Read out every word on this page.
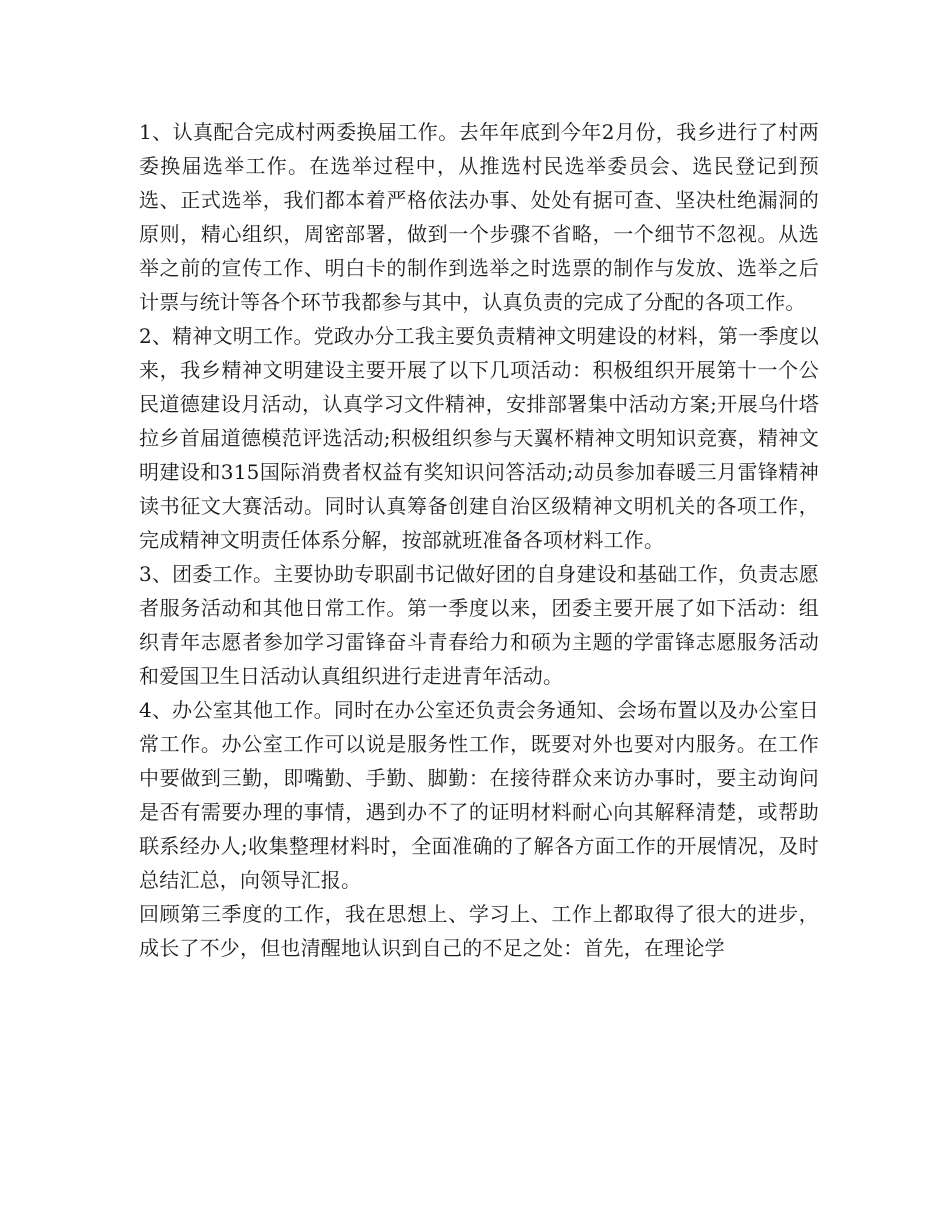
1、认真配合完成村两委换届工作。去年年底到今年2月份，我乡进行了村两委换届选举工作。在选举过程中，从推选村民选举委员会、选民登记到预选、正式选举，我们都本着严格依法办事、处处有据可查、坚决杜绝漏洞的原则，精心组织，周密部署，做到一个步骤不省略，一个细节不忽视。从选举之前的宣传工作、明白卡的制作到选举之时选票的制作与发放、选举之后计票与统计等各个环节我都参与其中，认真负责的完成了分配的各项工作。

2、精神文明工作。党政办分工我主要负责精神文明建设的材料，第一季度以来，我乡精神文明建设主要开展了以下几项活动：积极组织开展第十一个公民道德建设月活动，认真学习文件精神，安排部署集中活动方案;开展乌什塔拉乡首届道德模范评选活动;积极组织参与天翼杯精神文明知识竞赛，精神文明建设和315国际消费者权益有奖知识问答活动;动员参加春暖三月雷锋精神读书征文大赛活动。同时认真筹备创建自治区级精神文明机关的各项工作，完成精神文明责任体系分解，按部就班准备各项材料工作。

3、团委工作。主要协助专职副书记做好团的自身建设和基础工作，负责志愿者服务活动和其他日常工作。第一季度以来，团委主要开展了如下活动：组织青年志愿者参加学习雷锋奋斗青春给力和硕为主题的学雷锋志愿服务活动和爱国卫生日活动认真组织进行走进青年活动。

4、办公室其他工作。同时在办公室还负责会务通知、会场布置以及办公室日常工作。办公室工作可以说是服务性工作，既要对外也要对内服务。在工作中要做到三勤，即嘴勤、手勤、脚勤：在接待群众来访办事时，要主动询问是否有需要办理的事情，遇到办不了的证明材料耐心向其解释清楚，或帮助联系经办人;收集整理材料时，全面准确的了解各方面工作的开展情况，及时总结汇总，向领导汇报。

回顾第三季度的工作，我在思想上、学习上、工作上都取得了很大的进步，成长了不少，但也清醒地认识到自己的不足之处：首先，在理论学
